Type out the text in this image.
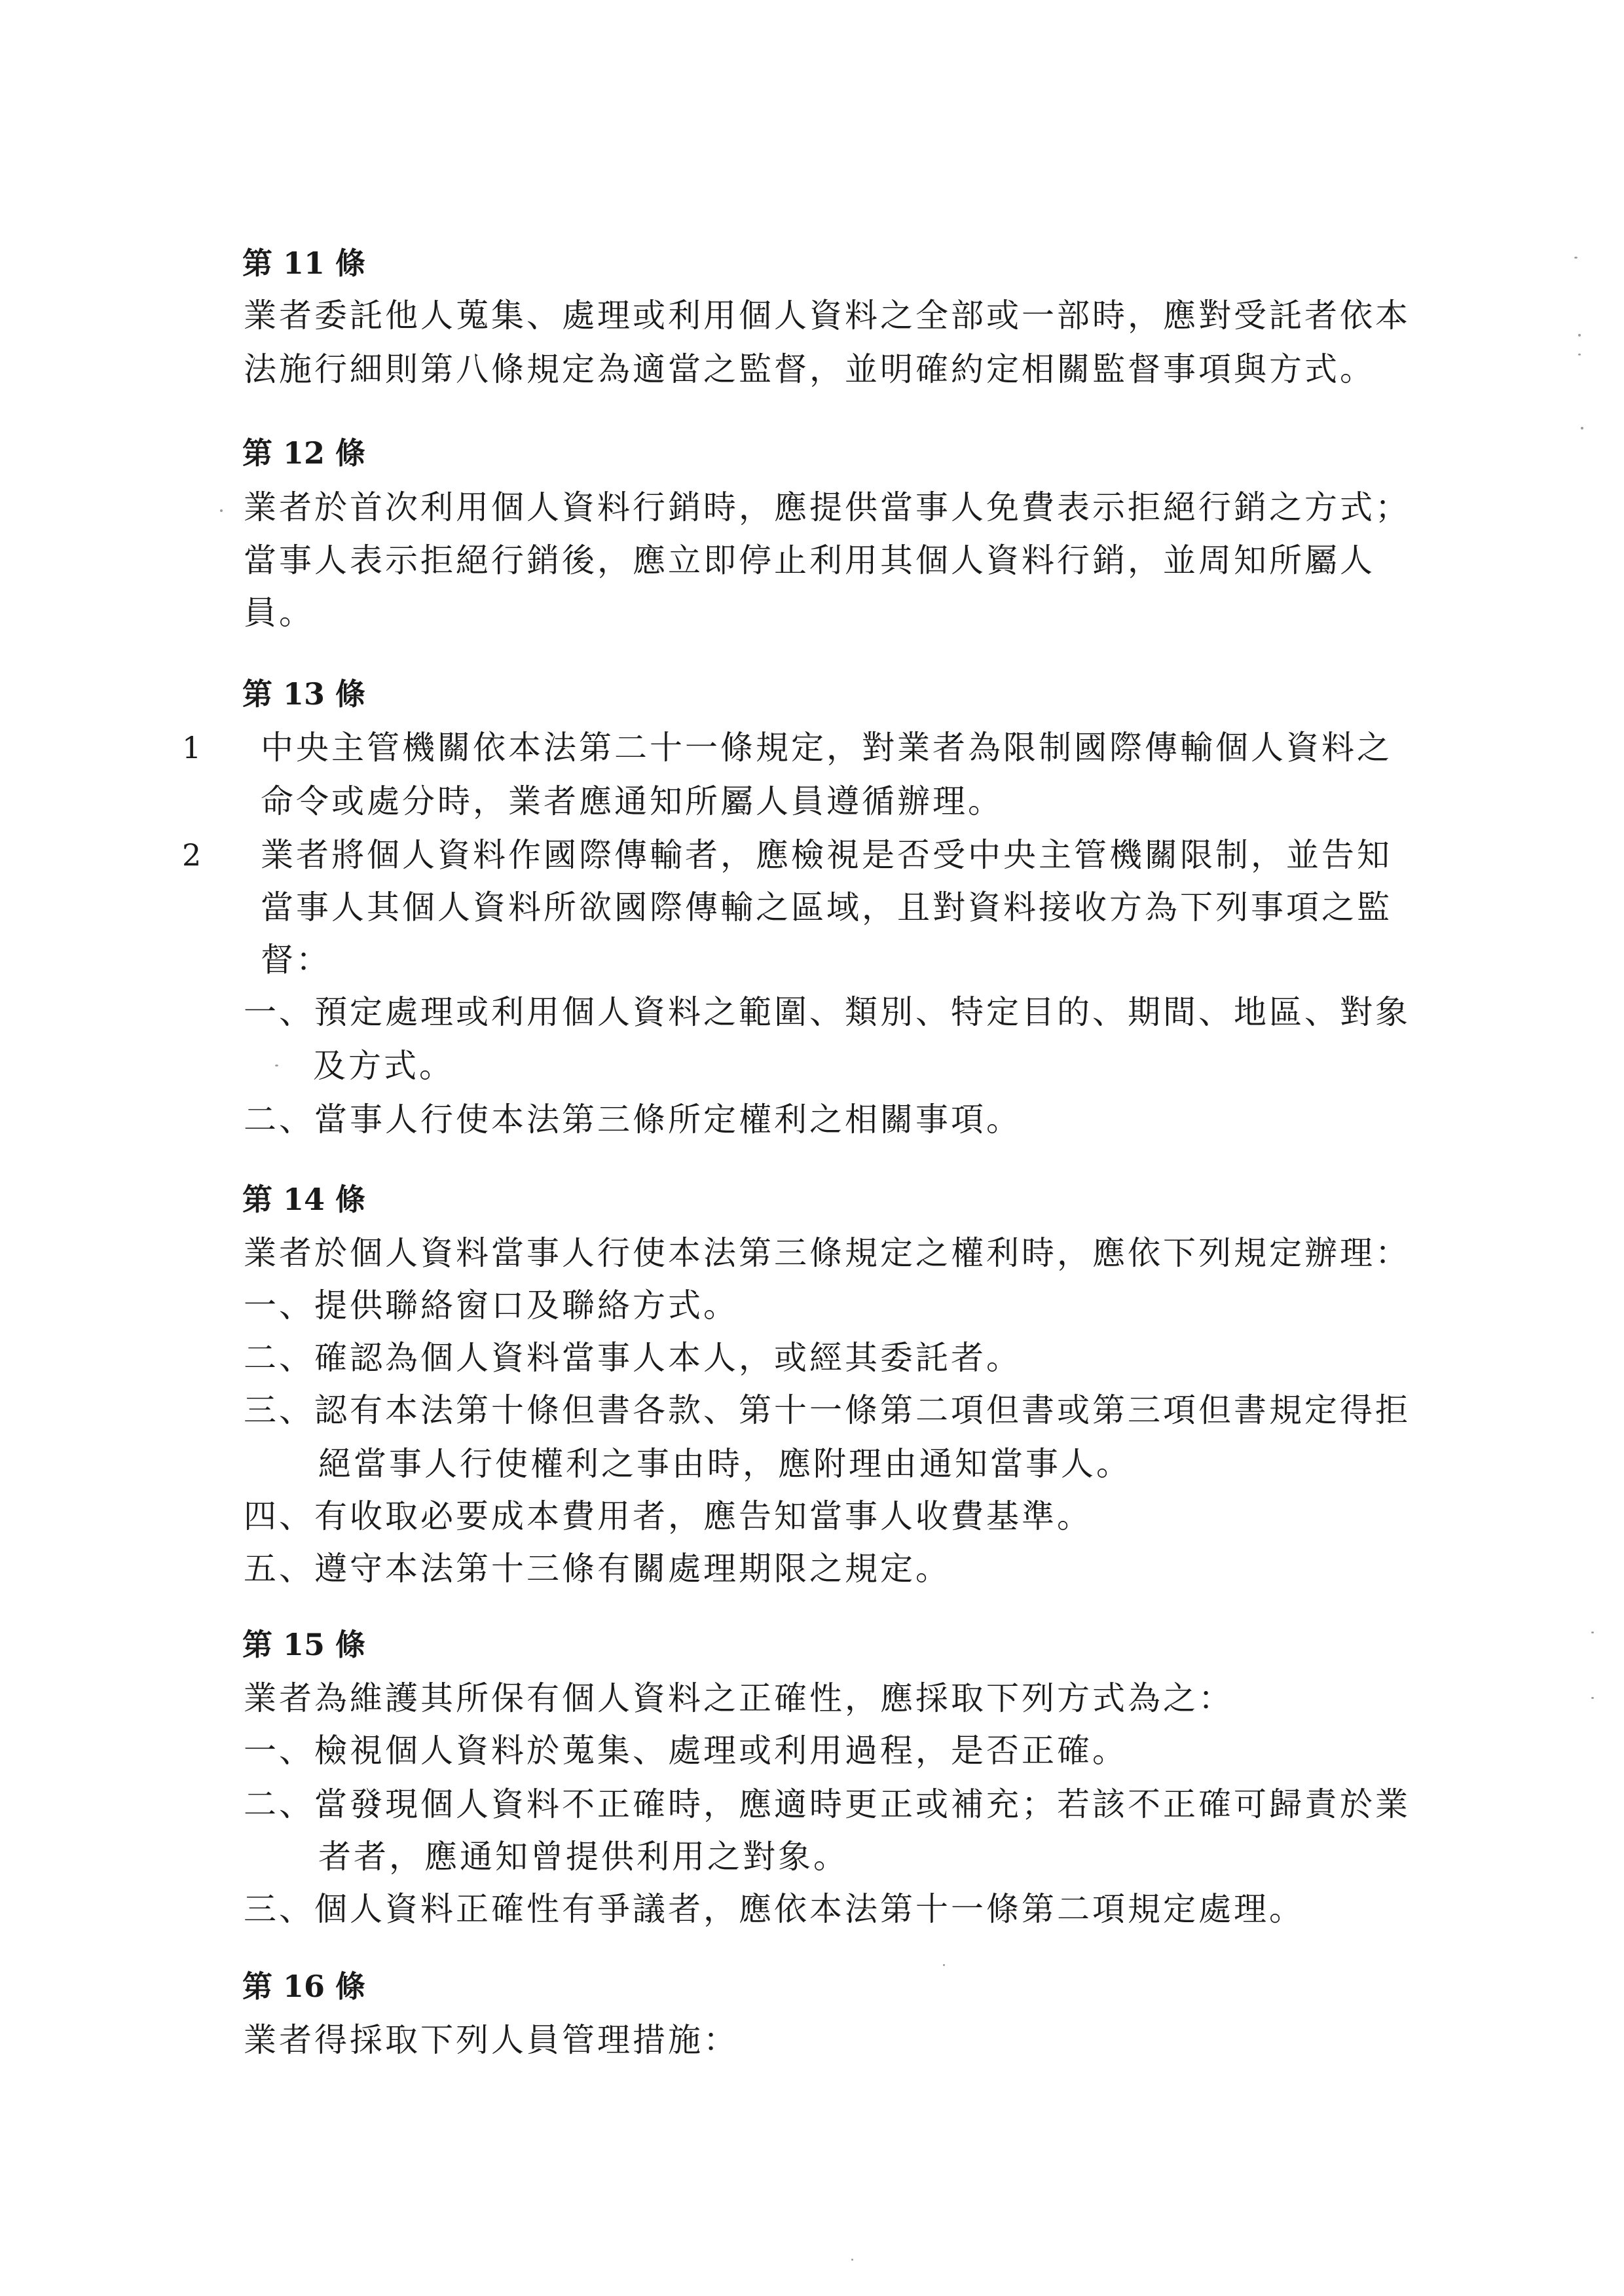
第 11 條
業者委託他人蒐集、處理或利用個人資料之全部或一部時，應對受託者依本
法施行細則第八條規定為適當之監督，並明確約定相關監督事項與方式。
第 12 條
業者於首次利用個人資料行銷時，應提供當事人免費表示拒絕行銷之方式；
當事人表示拒絕行銷後，應立即停止利用其個人資料行銷，並周知所屬人
員。
第 13 條
1 中央主管機關依本法第二十一條規定，對業者為限制國際傳輸個人資料之
命令或處分時，業者應通知所屬人員遵循辦理。
2 業者將個人資料作國際傳輸者，應檢視是否受中央主管機關限制，並告知
當事人其個人資料所欲國際傳輸之區域，且對資料接收方為下列事項之監
督：
一、預定處理或利用個人資料之範圍、類別、特定目的、期間、地區、對象
及方式。
二、當事人行使本法第三條所定權利之相關事項。
第 14 條
業者於個人資料當事人行使本法第三條規定之權利時，應依下列規定辦理：
一、提供聯絡窗口及聯絡方式。
二、確認為個人資料當事人本人，或經其委託者。
三、認有本法第十條但書各款、第十一條第二項但書或第三項但書規定得拒
絕當事人行使權利之事由時，應附理由通知當事人。
四、有收取必要成本費用者，應告知當事人收費基準。
五、遵守本法第十三條有關處理期限之規定。
第 15 條
業者為維護其所保有個人資料之正確性，應採取下列方式為之：
一、檢視個人資料於蒐集、處理或利用過程，是否正確。
二、當發現個人資料不正確時，應適時更正或補充；若該不正確可歸責於業
者者，應通知曾提供利用之對象。
三、個人資料正確性有爭議者，應依本法第十一條第二項規定處理。
第 16 條
業者得採取下列人員管理措施：
